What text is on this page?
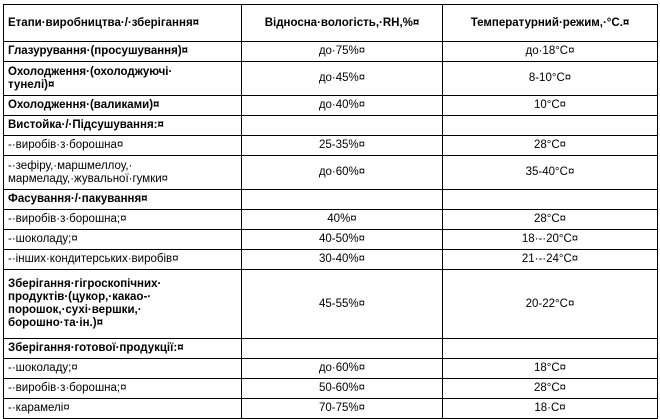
Етапи·виробництва·/·зберігання¤	Відносна·вологість,·RH,%¤	Температурний·режим,·°С.¤
Глазурування·(просушування)¤	до·75%¤	до·18°С¤
Охолодження·(охолоджуючі·
тунелі)¤	до·45%¤	8-10°С¤
Охолодження·(валиками)¤	до·40%¤	10°С¤
Вистойка·/·Підсушування:¤		
-·виробів·з·борошна¤	25-35%¤	28°С¤
-·зефіру,·маршмеллоу,·
мармеладу,·жувальної·гумки¤	до·60%¤	35-40°С¤
Фасування·/·пакування¤		
-·виробів·з·борошна;¤	40%¤	28°С¤
-·шоколаду;¤	40-50%¤	18·-·20°С¤
-·інших·кондитерських·виробів¤	30-40%¤	21·-·24°С¤
Зберігання·гігроскопічних·
продуктів·(цукор,·какао-·
порошок,·сухі·вершки,·
борошно·та·ін.)¤	45-55%¤	20-22°С¤
Зберігання·готової·продукції:¤		
-·шоколаду;¤	до·60%¤	18°С¤
-·виробів·з·борошна;¤	50-60%¤	28°С¤
-·карамелі¤	70-75%¤	18·С¤
